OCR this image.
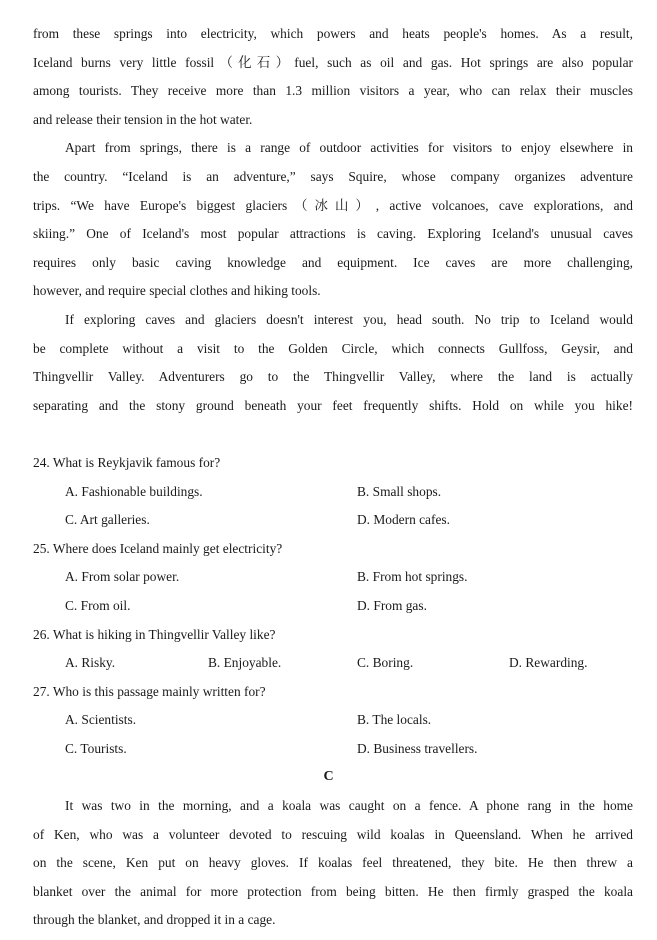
from these springs into electricity, which powers and heats people's homes. As a result,
Iceland burns very little fossil（化石）fuel, such as oil and gas. Hot springs are also popular
among tourists. They receive more than 1.3 million visitors a year, who can relax their muscles
and release their tension in the hot water.
Apart from springs, there is a range of outdoor activities for visitors to enjoy elsewhere in
the country. “Iceland is an adventure,” says Squire, whose company organizes adventure
trips. “We have Europe's biggest glaciers（冰山）, active volcanoes, cave explorations, and
skiing.” One of Iceland's most popular attractions is caving. Exploring Iceland's unusual caves
requires only basic caving knowledge and equipment. Ice caves are more challenging,
however, and require special clothes and hiking tools.
If exploring caves and glaciers doesn't interest you, head south. No trip to Iceland would
be complete without a visit to the Golden Circle, which connects Gullfoss, Geysir, and
Thingvellir Valley. Adventurers go to the Thingvellir Valley, where the land is actually
separating and the stony ground beneath your feet frequently shifts. Hold on while you hike!
24. What is Reykjavik famous for?
A. Fashionable buildings.	B. Small shops.
C. Art galleries.	D. Modern cafes.
25. Where does Iceland mainly get electricity?
A. From solar power.	B. From hot springs.
C. From oil.	D. From gas.
26. What is hiking in Thingvellir Valley like?
A. Risky.	B. Enjoyable.	C. Boring.	D. Rewarding.
27. Who is this passage mainly written for?
A. Scientists.	B. The locals.
C. Tourists.	D. Business travellers.
C
It was two in the morning, and a koala was caught on a fence. A phone rang in the home
of Ken, who was a volunteer devoted to rescuing wild koalas in Queensland. When he arrived
on the scene, Ken put on heavy gloves. If koalas feel threatened, they bite. He then threw a
blanket over the animal for more protection from being bitten. He then firmly grasped the koala
through the blanket, and dropped it in a cage.
